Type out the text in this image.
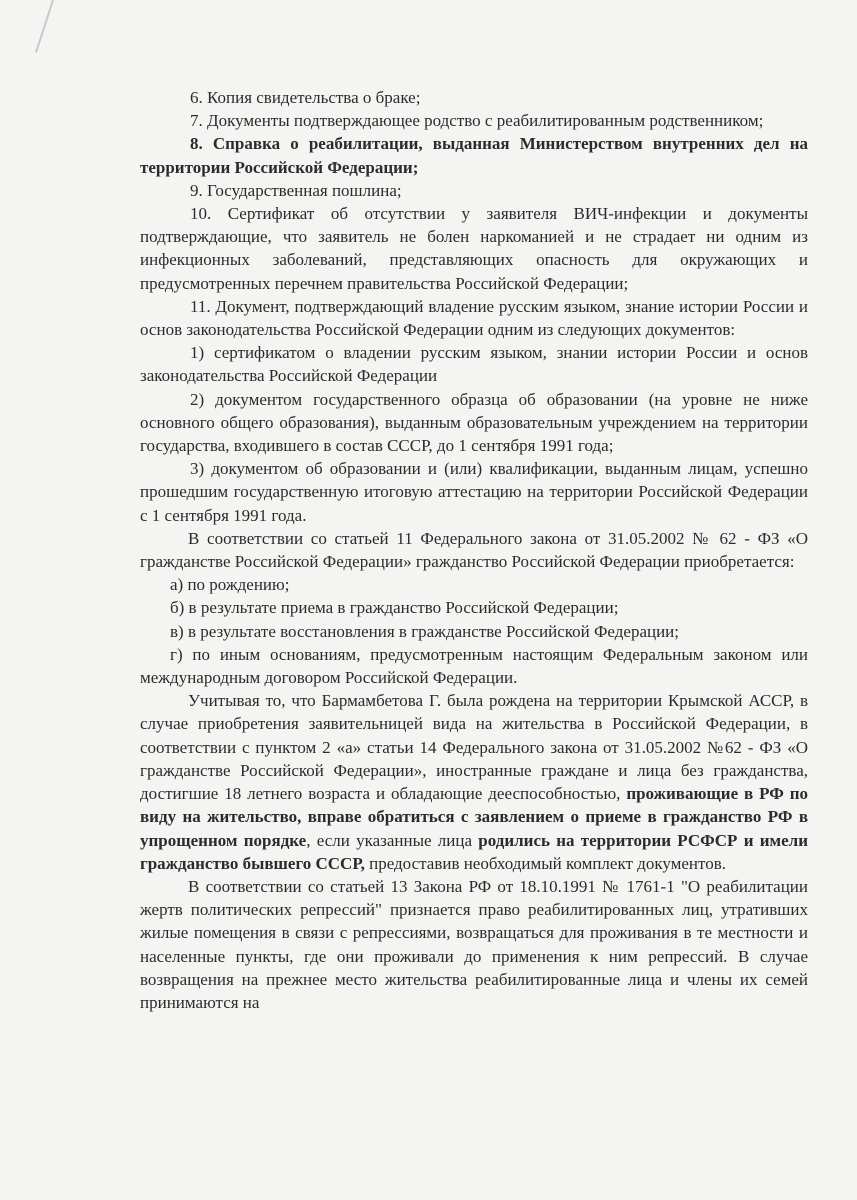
6. Копия свидетельства о браке;

7. Документы подтверждающее родство с реабилитированным родственником;

8. Справка о реабилитации, выданная Министерством внутренних дел на территории Российской Федерации;

9. Государственная пошлина;

10. Сертификат об отсутствии у заявителя ВИЧ-инфекции и документы подтверждающие, что заявитель не болен наркоманией и не страдает ни одним из инфекционных заболеваний, представляющих опасность для окружающих и предусмотренных перечнем правительства Российской Федерации;

11. Документ, подтверждающий владение русским языком, знание истории России и основ законодательства Российской Федерации одним из следующих документов:

1) сертификатом о владении русским языком, знании истории России и основ законодательства Российской Федерации

2) документом государственного образца об образовании (на уровне не ниже основного общего образования), выданным образовательным учреждением на территории государства, входившего в состав СССР, до 1 сентября 1991 года;

3) документом об образовании и (или) квалификации, выданным лицам, успешно прошедшим государственную итоговую аттестацию на территории Российской Федерации с 1 сентября 1991 года.

В соответствии со статьей 11 Федерального закона от 31.05.2002 № 62 - ФЗ «О гражданстве Российской Федерации» гражданство Российской Федерации приобретается:

а) по рождению;

б) в результате приема в гражданство Российской Федерации;

в) в результате восстановления в гражданстве Российской Федерации;

г) по иным основаниям, предусмотренным настоящим Федеральным законом или международным договором Российской Федерации.

Учитывая то, что Бармамбетова Г. была рождена на территории Крымской АССР, в случае приобретения заявительницей вида на жительства в Российской Федерации, в соответствии с пунктом 2 «а» статьи 14 Федерального закона от 31.05.2002 №62 - ФЗ «О гражданстве Российской Федерации», иностранные граждане и лица без гражданства, достигшие 18 летнего возраста и обладающие дееспособностью, проживающие в РФ по виду на жительство, вправе обратиться с заявлением о приеме в гражданство РФ в упрощенном порядке, если указанные лица родились на территории РСФСР и имели гражданство бывшего СССР, предоставив необходимый комплект документов.

В соответствии со статьей 13 Закона РФ от 18.10.1991 № 1761-1 "О реабилитации жертв политических репрессий" признается право реабилитированных лиц, утративших жилые помещения в связи с репрессиями, возвращаться для проживания в те местности и населенные пункты, где они проживали до применения к ним репрессий. В случае возвращения на прежнее место жительства реабилитированные лица и члены их семей принимаются на
